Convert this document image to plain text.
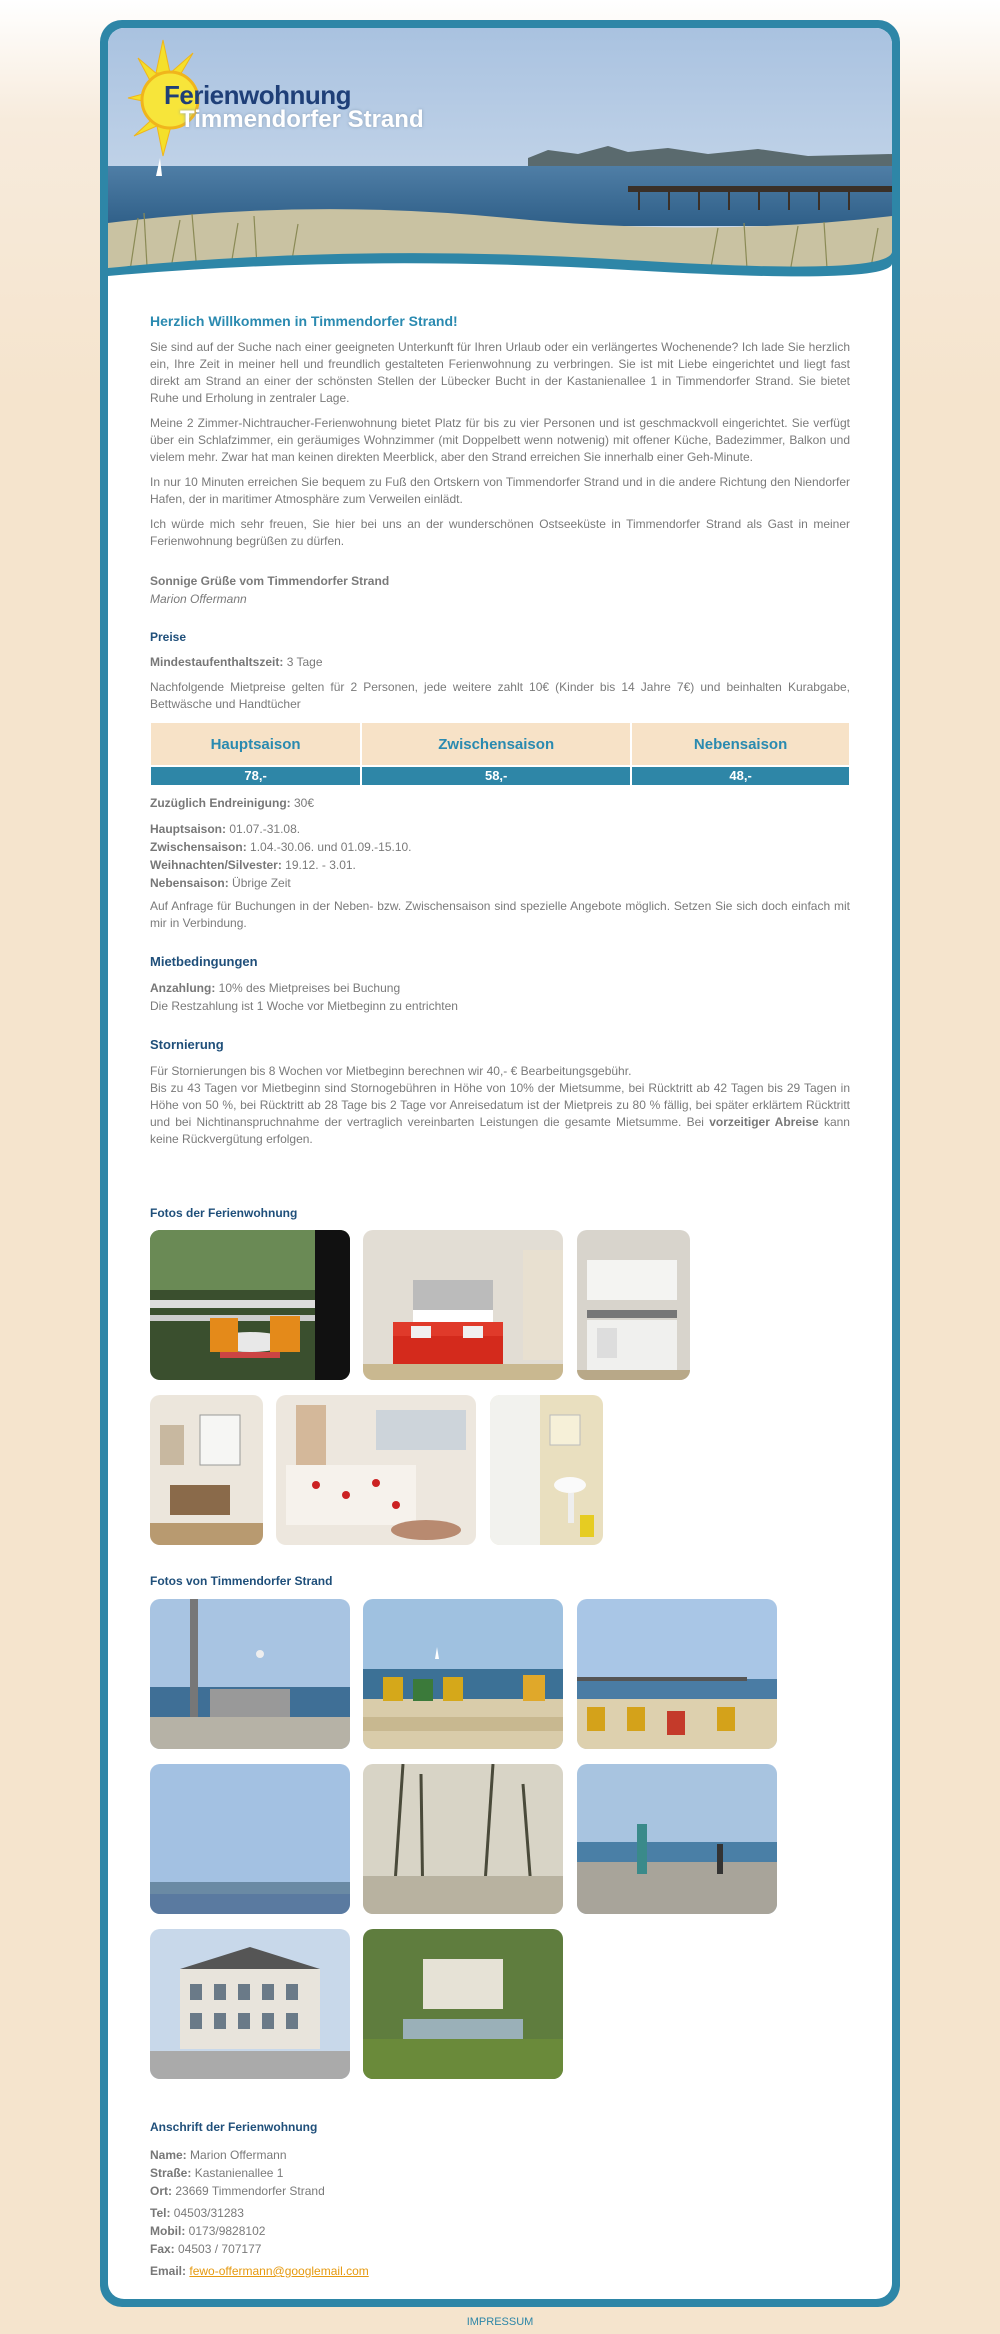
Ferienwohnung
Timmendorfer Strand
Herzlich Willkommen in Timmendorfer Strand!

Sie sind auf der Suche nach einer geeigneten Unterkunft für Ihren Urlaub oder ein verlängertes Wochenende? Ich lade Sie herzlich ein, Ihre Zeit in meiner hell und freundlich gestalteten Ferienwohnung zu verbringen. Sie ist mit Liebe eingerichtet und liegt fast direkt am Strand an einer der schönsten Stellen der Lübecker Bucht in der Kastanienallee 1 in Timmendorfer Strand. Sie bietet Ruhe und Erholung in zentraler Lage.

Meine 2 Zimmer-Nichtraucher-Ferienwohnung bietet Platz für bis zu vier Personen und ist geschmackvoll eingerichtet. Sie verfügt über ein Schlafzimmer, ein geräumiges Wohnzimmer (mit Doppelbett wenn notwenig) mit offener Küche, Badezimmer, Balkon und vielem mehr. Zwar hat man keinen direkten Meerblick, aber den Strand erreichen Sie innerhalb einer Geh-Minute.

In nur 10 Minuten erreichen Sie bequem zu Fuß den Ortskern von Timmendorfer Strand und in die andere Richtung den Niendorfer Hafen, der in maritimer Atmosphäre zum Verweilen einlädt.

Ich würde mich sehr freuen, Sie hier bei uns an der wunderschönen Ostseeküste in Timmendorfer Strand als Gast in meiner Ferienwohnung begrüßen zu dürfen.

Sonnige Grüße vom Timmendorfer Strand
Marion Offermann
Preise

Mindestaufenthaltszeit: 3 Tage

Nachfolgende Mietpreise gelten für 2 Personen, jede weitere zahlt 10€ (Kinder bis 14 Jahre 7€) und beinhalten Kurabgabe, Bettwäsche und Handtücher

Hauptsaison	Zwischensaison	Nebensaison
78,-	58,-	48,-

Zuzüglich Endreinigung: 30€

Hauptsaison: 01.07.-31.08.
Zwischensaison: 1.04.-30.06. und 01.09.-15.10.
Weihnachten/Silvester: 19.12. - 3.01.
Nebensaison: Übrige Zeit

Auf Anfrage für Buchungen in der Neben- bzw. Zwischensaison sind spezielle Angebote möglich. Setzen Sie sich doch einfach mit mir in Verbindung.

Mietbedingungen
Anzahlung: 10% des Mietpreises bei Buchung
Die Restzahlung ist 1 Woche vor Mietbeginn zu entrichten
Stornierung
Für Stornierungen bis 8 Wochen vor Mietbeginn berechnen wir 40,- € Bearbeitungsgebühr.

Bis zu 43 Tagen vor Mietbeginn sind Stornogebühren in Höhe von 10% der Mietsumme, bei Rücktritt ab 42 Tagen bis 29 Tagen in Höhe von 50 %, bei Rücktritt ab 28 Tage bis 2 Tage vor Anreisedatum ist der Mietpreis zu 80 % fällig, bei später erklärtem Rücktritt und bei Nichtinanspruchnahme der vertraglich vereinbarten Leistungen die gesamte Mietsumme. Bei vorzeitiger Abreise kann keine Rückvergütung erfolgen.

Fotos der Ferienwohnung
Fotos von Timmendorfer Strand
Anschrift der Ferienwohnung
Name: Marion Offermann
Straße: Kastanienallee 1
Ort: 23669 Timmendorfer Strand
Tel: 04503/31283
Mobil: 0173/9828102
Fax: 04503 / 707177
Email: fewo-offermann@googlemail.com
IMPRESSUM
